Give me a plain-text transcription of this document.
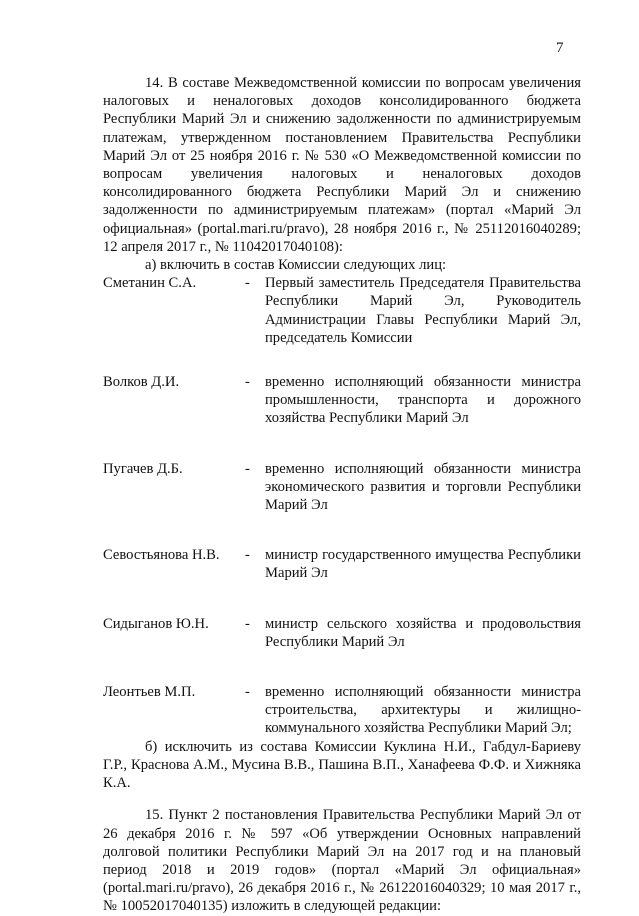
7

14. В составе Межведомственной комиссии по вопросам увеличения налоговых и неналоговых доходов консолидированного бюджета Республики Марий Эл и снижению задолженности по администрируемым платежам, утвержденном постановлением Правительства Республики Марий Эл от 25 ноября 2016 г. № 530 «О Межведомственной комиссии по вопросам увеличения налоговых и неналоговых доходов консолидированного бюджета Республики Марий Эл и снижению задолженности по администрируемым платежам» (портал «Марий Эл официальная» (portal.mari.ru/pravo), 28 ноября 2016 г., № 25112016040289; 12 апреля 2017 г., № 11042017040108):

а) включить в состав Комиссии следующих лиц:

Сметанин С.А.	-	Первый заместитель Председателя Правительства Республики Марий Эл, Руководитель Администрации Главы Республики Марий Эл, председатель Комиссии
Волков Д.И.	-	временно исполняющий обязанности министра промышленности, транспорта и дорожного хозяйства Республики Марий Эл
Пугачев Д.Б.	-	временно исполняющий обязанности министра экономического развития и торговли Республики Марий Эл
Севостьянова Н.В.	-	министр государственного имущества Республики Марий Эл
Сидыганов Ю.Н.	-	министр сельского хозяйства и продовольствия Республики Марий Эл
Леонтьев М.П.	-	временно исполняющий обязанности министра строительства, архитектуры и жилищно-коммунального хозяйства Республики Марий Эл;

б) исключить из состава Комиссии Куклина Н.И., Габдул-Бариеву Г.Р., Краснова А.М., Мусина В.В., Пашина В.П., Ханафеева Ф.Ф. и Хижняка К.А.

15. Пункт 2 постановления Правительства Республики Марий Эл от 26 декабря 2016 г. № 597 «Об утверждении Основных направлений долговой политики Республики Марий Эл на 2017 год и на плановый период 2018 и 2019 годов» (портал «Марий Эл официальная» (portal.mari.ru/pravo), 26 декабря 2016 г., № 26122016040329; 10 мая 2017 г., № 10052017040135) изложить в следующей редакции:
